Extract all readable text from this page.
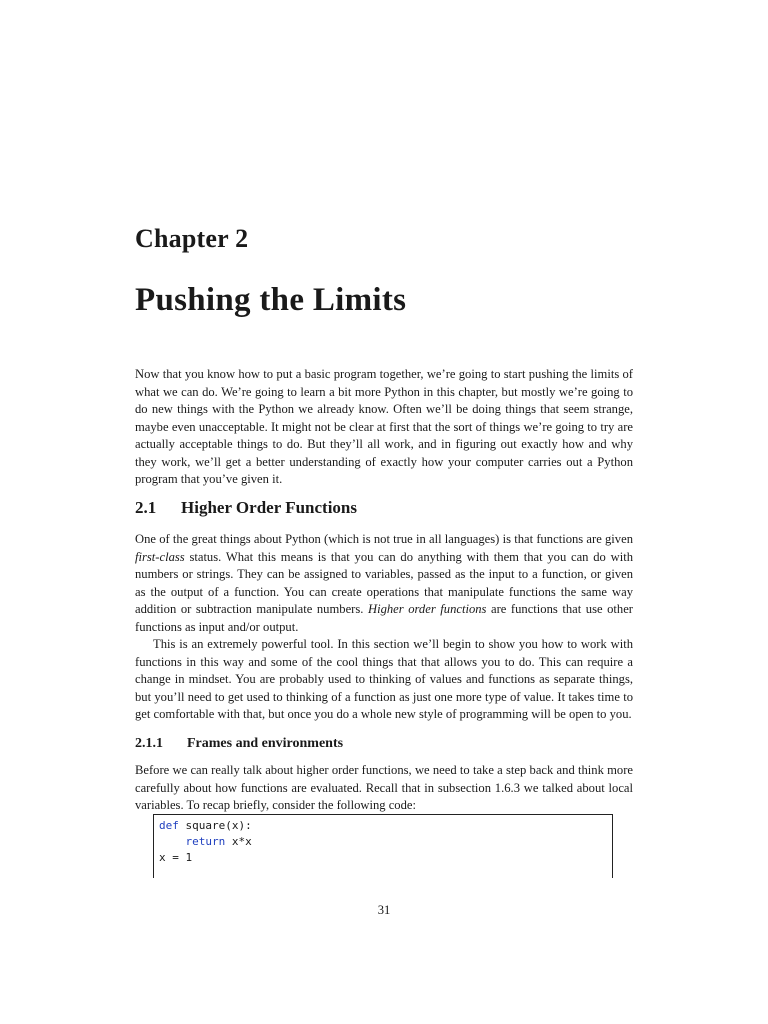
Chapter 2
Pushing the Limits

Now that you know how to put a basic program together, we’re going to start pushing the limits of what we can do. We’re going to learn a bit more Python in this chapter, but mostly we’re going to do new things with the Python we already know. Often we’ll be doing things that seem strange, maybe even unacceptable. It might not be clear at first that the sort of things we’re going to try are actually acceptable things to do. But they’ll all work, and in figuring out exactly how and why they work, we’ll get a better understanding of exactly how your computer carries out a Python program that you’ve given it.

2.1 Higher Order Functions

One of the great things about Python (which is not true in all languages) is that functions are given first-class status. What this means is that you can do anything with them that you can do with numbers or strings. They can be assigned to variables, passed as the input to a function, or given as the output of a function. You can create operations that manipulate functions the same way addition or subtraction manipulate numbers. Higher order functions are functions that use other functions as input and/or output.

This is an extremely powerful tool. In this section we’ll begin to show you how to work with functions in this way and some of the cool things that that allows you to do. This can require a change in mindset. You are probably used to thinking of values and functions as separate things, but you’ll need to get used to thinking of a function as just one more type of value. It takes time to get comfortable with that, but once you do a whole new style of programming will be open to you.

2.1.1 Frames and environments

Before we can really talk about higher order functions, we need to take a step back and think more carefully about how functions are evaluated. Recall that in subsection 1.6.3 we talked about local variables. To recap briefly, consider the following code:

def square(x):
return x*x
x = 1
31
